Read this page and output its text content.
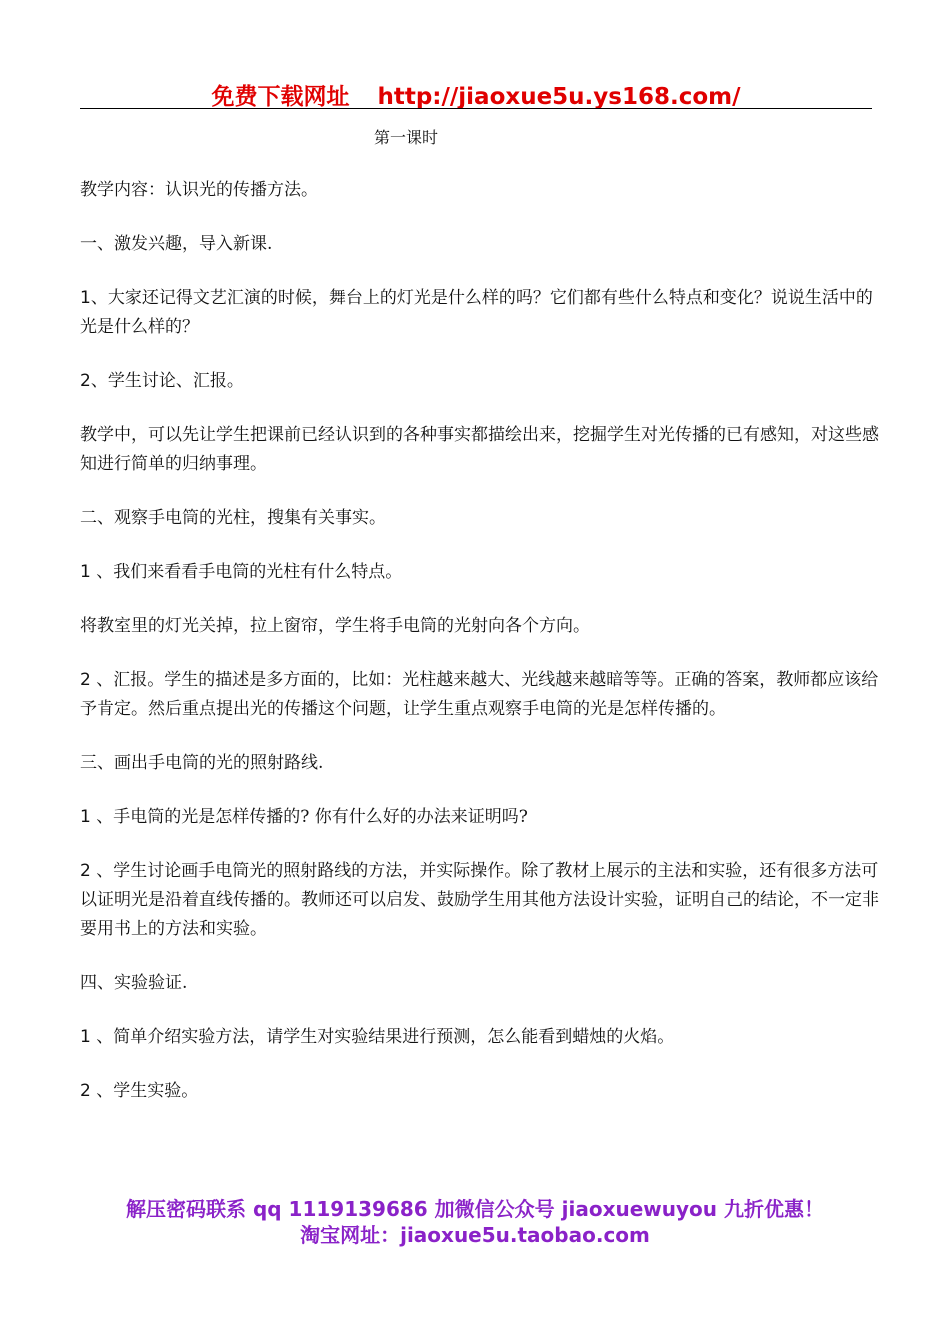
免费下载网址 http://jiaoxue5u.ys168.com/
第一课时
教学内容：认识光的传播方法。
一、激发兴趣，导入新课.
1、大家还记得文艺汇演的时候，舞台上的灯光是什么样的吗？它们都有些什么特点和变化？说说生活中的光是什么样的？
2、学生讨论、汇报。
教学中，可以先让学生把课前已经认识到的各种事实都描绘出来，挖掘学生对光传播的已有感知，对这些感知进行简单的归纳事理。
二、观察手电筒的光柱，搜集有关事实。
1 、我们来看看手电筒的光柱有什么特点。
将教室里的灯光关掉，拉上窗帘，学生将手电筒的光射向各个方向。
2 、汇报。学生的描述是多方面的，比如：光柱越来越大、光线越来越暗等等。正确的答案，教师都应该给予肯定。然后重点提出光的传播这个问题，让学生重点观察手电筒的光是怎样传播的。
三、画出手电筒的光的照射路线.
1 、手电筒的光是怎样传播的? 你有什么好的办法来证明吗?
2 、学生讨论画手电筒光的照射路线的方法，并实际操作。除了教材上展示的主法和实验，还有很多方法可以证明光是沿着直线传播的。教师还可以启发、鼓励学生用其他方法设计实验，证明自己的结论，不一定非要用书上的方法和实验。
四、实验验证.
1 、简单介绍实验方法，请学生对实验结果进行预测，怎么能看到蜡烛的火焰。
2 、学生实验。
解压密码联系 qq 1119139686 加微信公众号 jiaoxuewuyou 九折优惠！
淘宝网址：jiaoxue5u.taobao.com
